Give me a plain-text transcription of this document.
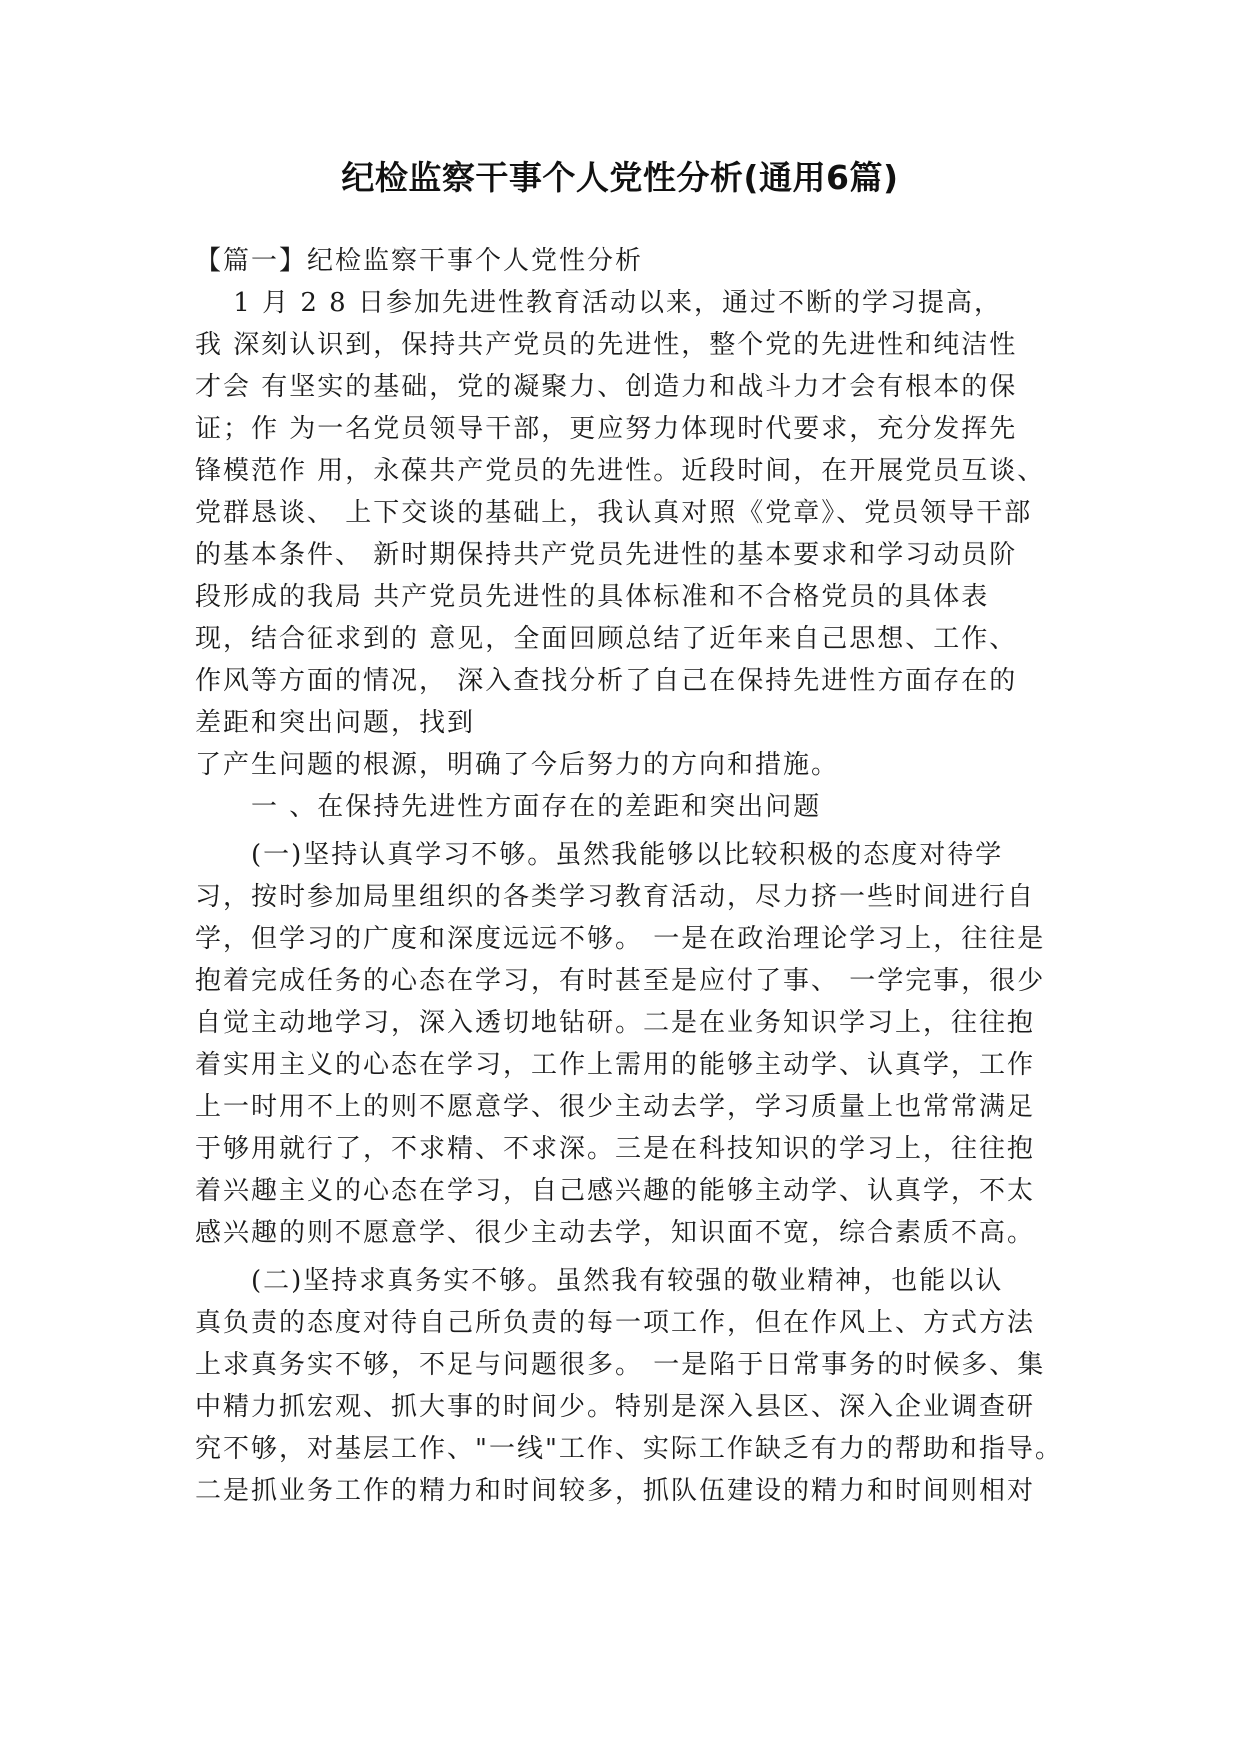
纪检监察干事个人党性分析(通用6篇)
【篇一】纪检监察干事个人党性分析
　 1 月 2 8 日参加先进性教育活动以来，通过不断的学习提高，
我 深刻认识到，保持共产党员的先进性，整个党的先进性和纯洁性
才会 有坚实的基础，党的凝聚力、创造力和战斗力才会有根本的保
证；作 为一名党员领导干部，更应努力体现时代要求，充分发挥先
锋模范作 用，永葆共产党员的先进性。近段时间，在开展党员互谈、
党群恳谈、 上下交谈的基础上，我认真对照《党章》、党员领导干部
的基本条件、 新时期保持共产党员先进性的基本要求和学习动员阶
段形成的我局 共产党员先进性的具体标准和不合格党员的具体表
现，结合征求到的 意见，全面回顾总结了近年来自己思想、工作、
作风等方面的情况， 深入查找分析了自己在保持先进性方面存在的
差距和突出问题，找到
了产生问题的根源，明确了今后努力的方向和措施。
　　一 、在保持先进性方面存在的差距和突出问题
　　(一)坚持认真学习不够。虽然我能够以比较积极的态度对待学
习，按时参加局里组织的各类学习教育活动，尽力挤一些时间进行自
学，但学习的广度和深度远远不够。 一是在政治理论学习上，往往是
抱着完成任务的心态在学习，有时甚至是应付了事、 一学完事，很少
自觉主动地学习，深入透切地钻研。二是在业务知识学习上，往往抱
着实用主义的心态在学习，工作上需用的能够主动学、认真学，工作
上一时用不上的则不愿意学、很少主动去学，学习质量上也常常满足
于够用就行了，不求精、不求深。三是在科技知识的学习上，往往抱
着兴趣主义的心态在学习，自己感兴趣的能够主动学、认真学，不太
感兴趣的则不愿意学、很少主动去学，知识面不宽，综合素质不高。
　　(二)坚持求真务实不够。虽然我有较强的敬业精神，也能以认
真负责的态度对待自己所负责的每一项工作，但在作风上、方式方法
上求真务实不够，不足与问题很多。 一是陷于日常事务的时候多、集
中精力抓宏观、抓大事的时间少。特别是深入县区、深入企业调查研
究不够，对基层工作、"一线"工作、实际工作缺乏有力的帮助和指导。
二是抓业务工作的精力和时间较多，抓队伍建设的精力和时间则相对
